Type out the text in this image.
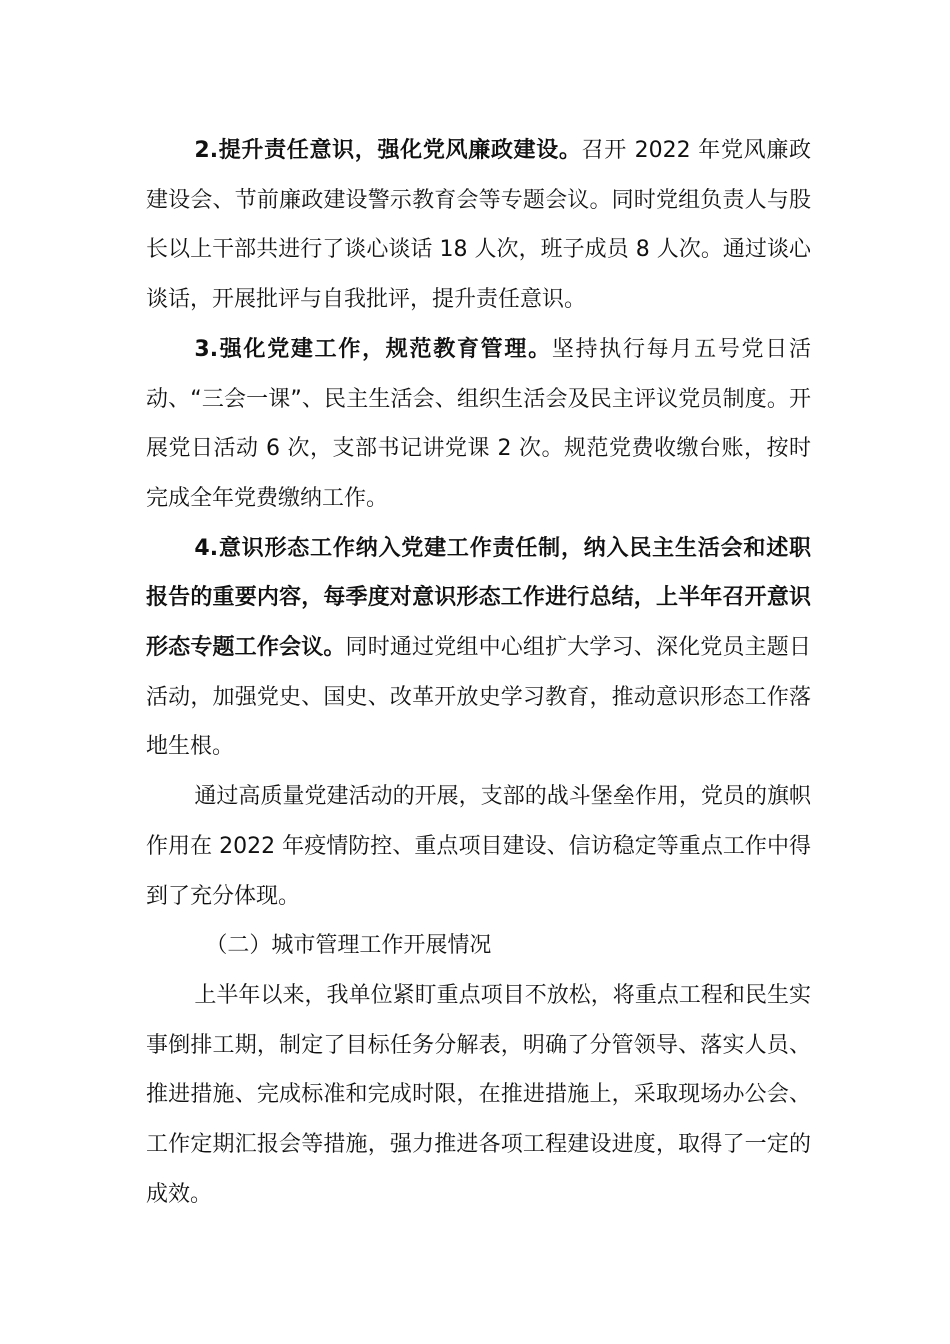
2.提升责任意识，强化党风廉政建设。召开 2022 年党风廉政建设会、节前廉政建设警示教育会等专题会议。同时党组负责人与股长以上干部共进行了谈心谈话 18 人次，班子成员 8 人次。通过谈心谈话，开展批评与自我批评，提升责任意识。

3.强化党建工作，规范教育管理。坚持执行每月五号党日活动、“三会一课”、民主生活会、组织生活会及民主评议党员制度。开展党日活动 6 次，支部书记讲党课 2 次。规范党费收缴台账，按时完成全年党费缴纳工作。

4.意识形态工作纳入党建工作责任制，纳入民主生活会和述职报告的重要内容，每季度对意识形态工作进行总结，上半年召开意识形态专题工作会议。同时通过党组中心组扩大学习、深化党员主题日活动，加强党史、国史、改革开放史学习教育，推动意识形态工作落地生根。

通过高质量党建活动的开展，支部的战斗堡垒作用，党员的旗帜作用在 2022 年疫情防控、重点项目建设、信访稳定等重点工作中得到了充分体现。

（二）城市管理工作开展情况

上半年以来，我单位紧盯重点项目不放松，将重点工程和民生实事倒排工期，制定了目标任务分解表，明确了分管领导、落实人员、推进措施、完成标准和完成时限，在推进措施上，采取现场办公会、工作定期汇报会等措施，强力推进各项工程建设进度，取得了一定的成效。
